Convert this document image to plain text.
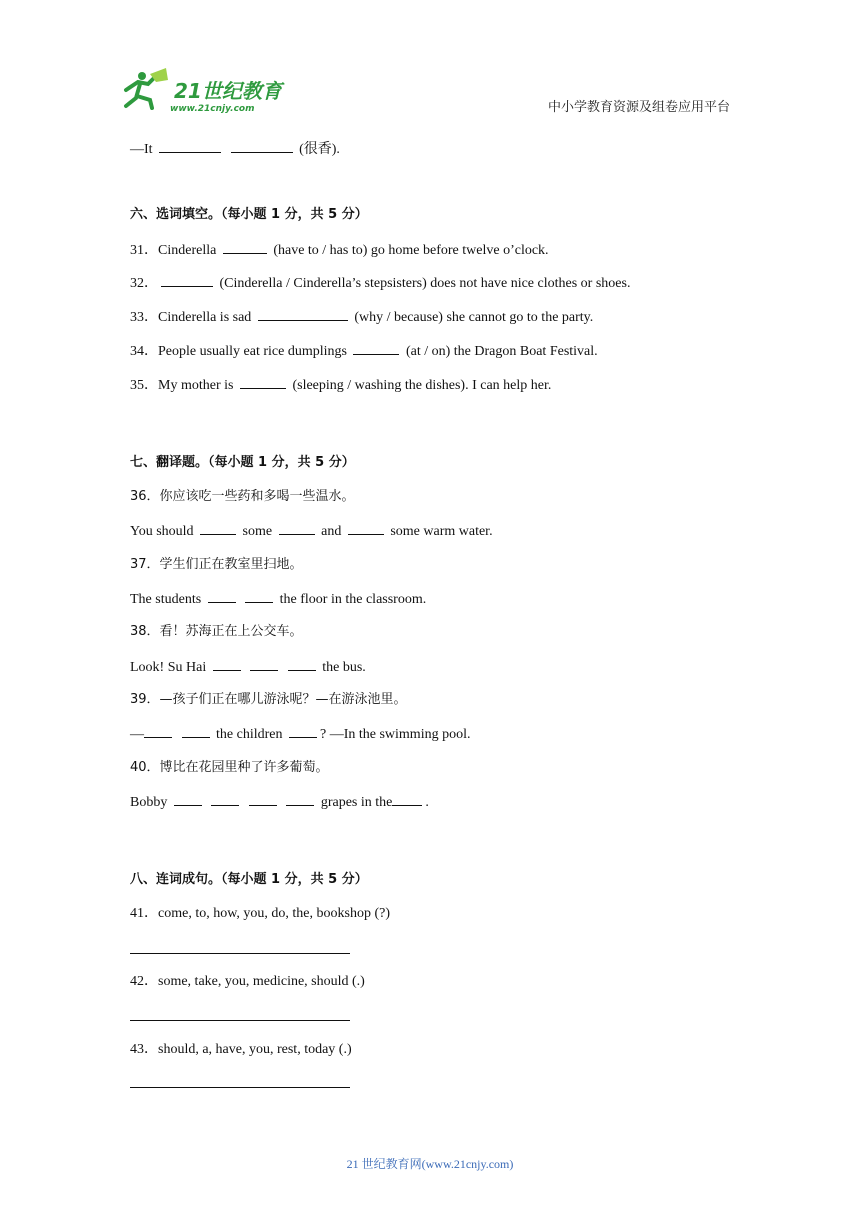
21世纪教育
www.21cnjy.com	中小学教育资源及组卷应用平台
—It	(很香).
六、选词填空。（每小题 1 分，共 5 分）
31．Cinderella	(have to / has to) go home before twelve o’clock.
32．	(Cinderella / Cinderella’s stepsisters) does not have nice clothes or shoes.
33．Cinderella is sad	(why / because) she cannot go to the party.
34．People usually eat rice dumplings	(at / on) the Dragon Boat Festival.
35．My mother is	(sleeping / washing the dishes). I can help her.
七、翻译题。（每小题 1 分，共 5 分）
36．你应该吃一些药和多喝一些温水。
You should	some	and	some warm water.
37．学生们正在教室里扫地。
The students	the floor in the classroom.
38．看！苏海正在上公交车。
Look! Su Hai	the bus.
39．—孩子们正在哪儿游泳呢？—在游泳池里。
—	the children	? —In the swimming pool.
40．博比在花园里种了许多葡萄。
Bobby	grapes in the .
八、连词成句。（每小题 1 分，共 5 分）
41．come, to, how, you, do, the, bookshop (?)
42．some, take, you, medicine, should (.)
43．should, a, have, you, rest, today (.)
21 世纪教育网(www.21cnjy.com)
